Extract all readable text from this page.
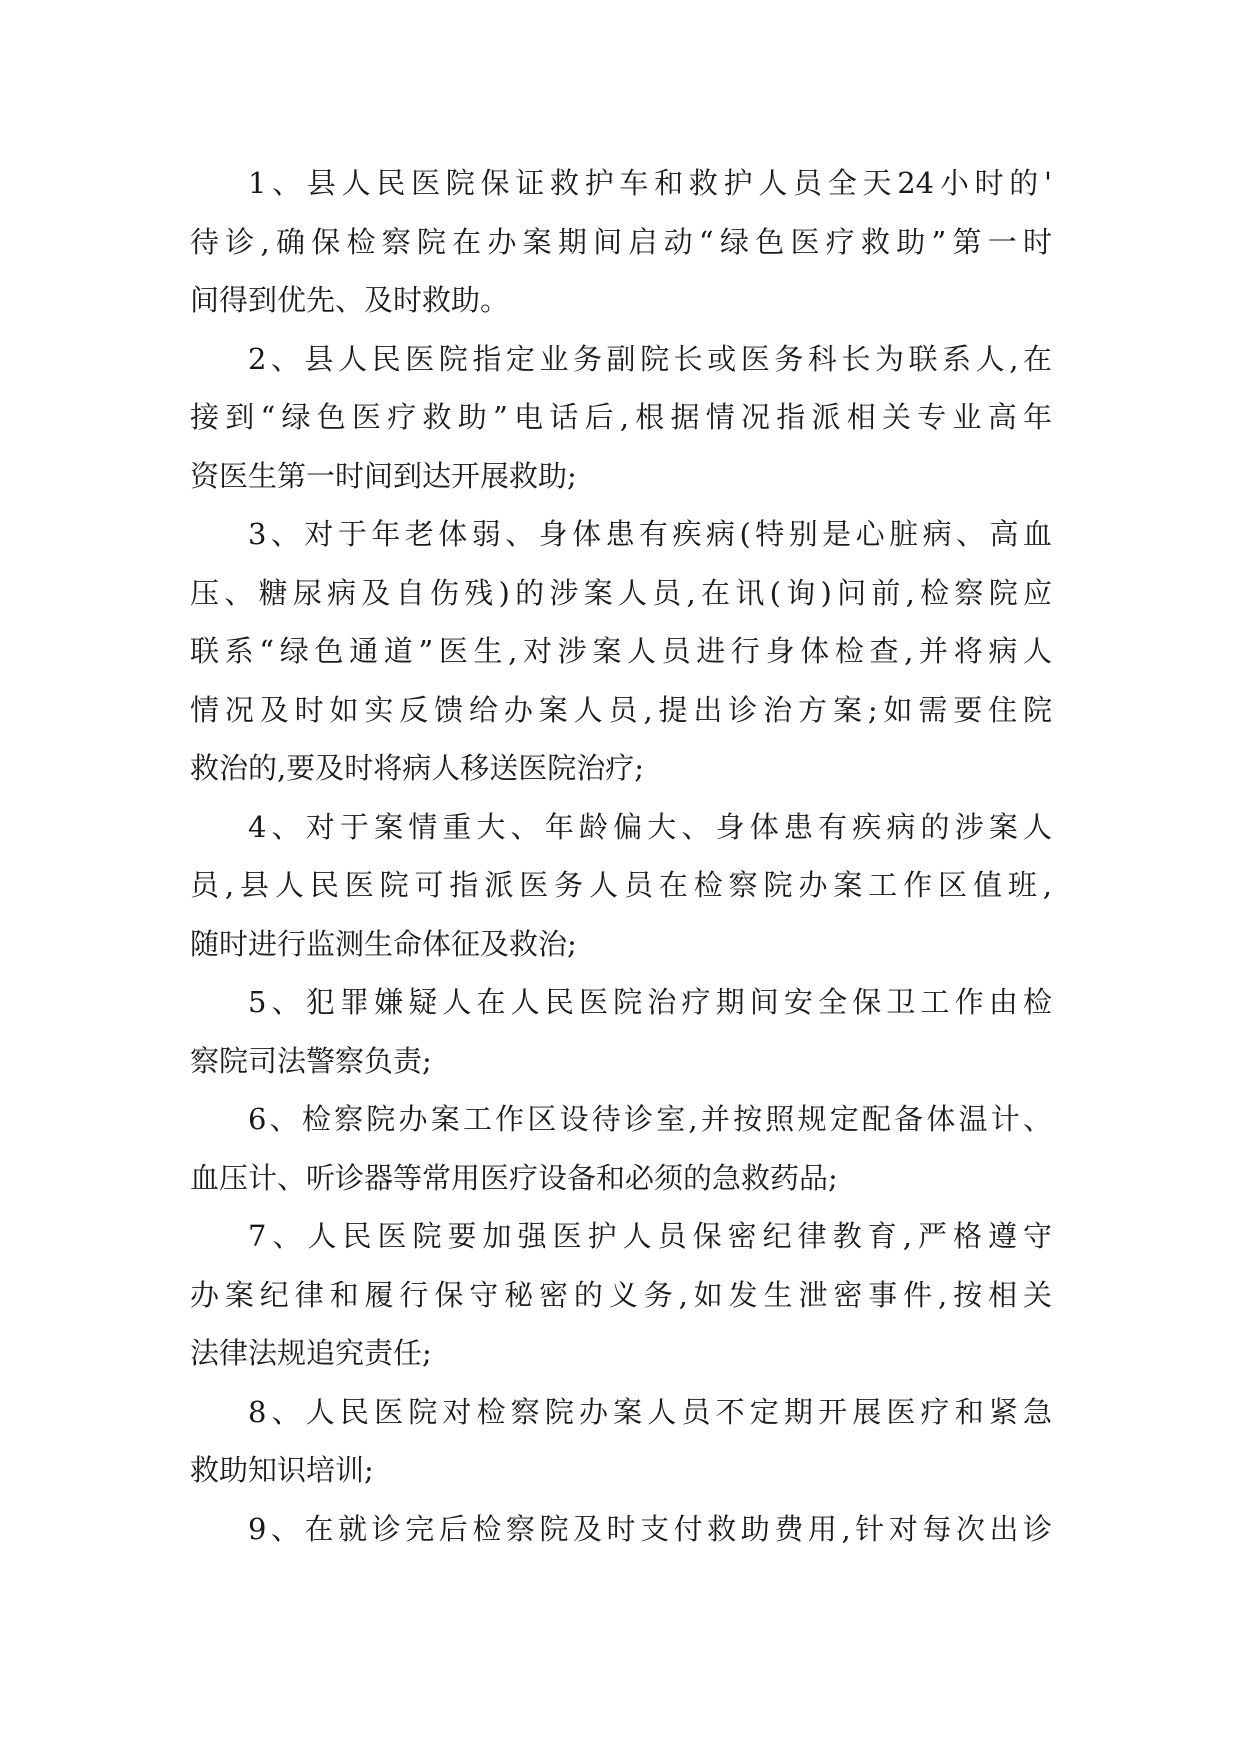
1、县人民医院保证救护车和救护人员全天24小时的'
待诊,确保检察院在办案期间启动“绿色医疗救助”第一时
间得到优先、及时救助。
2、县人民医院指定业务副院长或医务科长为联系人,在
接到“绿色医疗救助”电话后,根据情况指派相关专业高年
资医生第一时间到达开展救助;
3、对于年老体弱、身体患有疾病(特别是心脏病、高血
压、糖尿病及自伤残)的涉案人员,在讯(询)问前,检察院应
联系“绿色通道”医生,对涉案人员进行身体检查,并将病人
情况及时如实反馈给办案人员,提出诊治方案;如需要住院
救治的,要及时将病人移送医院治疗;
4、对于案情重大、年龄偏大、身体患有疾病的涉案人
员,县人民医院可指派医务人员在检察院办案工作区值班,
随时进行监测生命体征及救治;
5、犯罪嫌疑人在人民医院治疗期间安全保卫工作由检
察院司法警察负责;
6、检察院办案工作区设待诊室,并按照规定配备体温计、
血压计、听诊器等常用医疗设备和必须的急救药品;
7、人民医院要加强医护人员保密纪律教育,严格遵守
办案纪律和履行保守秘密的义务,如发生泄密事件,按相关
法律法规追究责任;
8、人民医院对检察院办案人员不定期开展医疗和紧急
救助知识培训;
9、在就诊完后检察院及时支付救助费用,针对每次出诊
